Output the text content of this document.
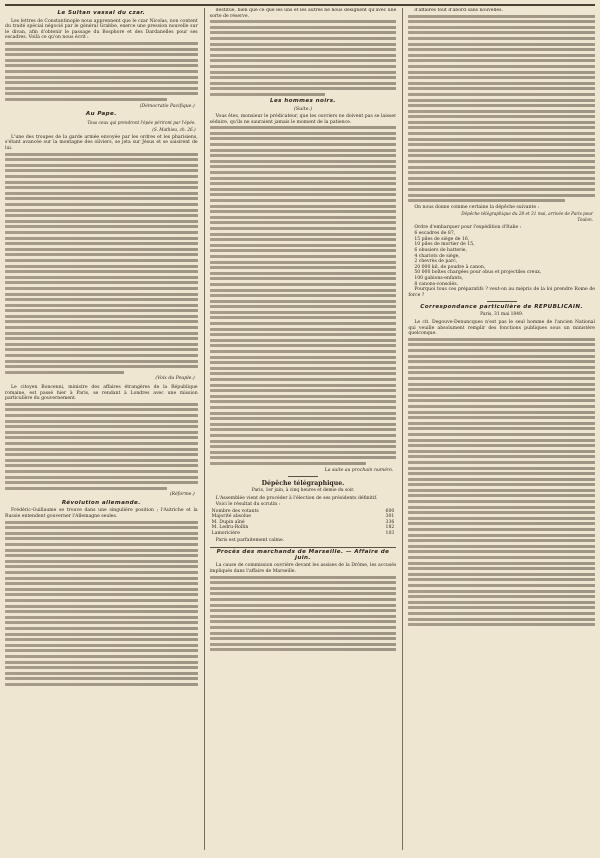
Le Sultan vassal du czar.
Les lettres de Constantinople nous apprennent que le czar Nicolas, non content du traité spécial négocié par le général Grabbe, exerce une pression nouvelle sur le divan, afin d'obtenir le passage du Bosphore et des Dardanelles pour ses escadres. Voilà ce qu'on nous écrit :
(Démocratie Pacifique.)
Au Pape.
Tous ceux qui prendront l'épée périront par l'épée.
(S. Mathieu, ch. 26.)
L'une des troupes de la garde armée envoyée par les ordres et les pharisiens, s'étant avancée sur la montagne des oliviers, se jeta sur Jésus et se saisirent de lui.
(Voix du Peuple.)
Le citoyen Boncenni, ministre des affaires étrangères de la République romaine, est passé hier à Paris, se rendant à Londres avec une mission particulière du gouvernement.
(Réforme.)
Révolution allemande.
Frédéric-Guillaume se trouve dans une singulière position ; l'Autriche et la Russie entendent gouverner l'Allemagne seules.
destitué, bien que ce que les uns et les autres ne nous désignent qu'avec une sorte de réserve.
Les hommes noirs.
(Suite.)
Vous êtes, monsieur le prédicateur, que les ouvriers ne doivent pas se laisser séduire, qu'ils ne sauraient jamais le moment de la patience.
La suite au prochain numéro.
Dépêche télégraphique.
Paris, 1er juin, à cinq heures et demie du soir.
L'Assemblée vient de procéder à l'élection de ses présidents définitif.
Voici le résultat du scrutin :
Nombre des votants	600
Majorité absolue	301
M. Dupin aîné	336
M. Ledru-Rollin	182
Lamoricière	103
Paris est parfaitement calme.
Procès des marchands de Marseille. — Affaire de juin.
La cause de commission ouvrière devant les assises de la Drôme, les accusés impliqués dans l'affaire de Marseille.
d'affaires tout d'abord sans nouvelles.
On nous donne comme certaine la dépêche suivante :
Dépêche télégraphique du 28 et 31 mai, arrivée de Paris pour Toulon.
Ordre d'embarquer pour l'expédition d'Italie :
6 escadres de 87,
15 piles de siège de 16,
10 piles de mortier de 15,
6 obusiers de batterie,
4 chariots de siège,
2 chevrès de parc,
20 000 kil. de poudre à canon,
50 000 boîtes chargées pour obus et projectiles creux,
100 gabions-enfants,
8 canons-consolés.
Pourquoi tous ces préparatifs ? veut-on au mépris de la loi prendre Rome de force ?
Correspondance particulière de REPUBLICAIN.
Paris, 31 mai 1849.
Le cit. Degouve-Denuncques n'est pas le seul homme de l'ancien National qui veuille absolument remplir des fonctions publiques sous un ministère quelconque.
